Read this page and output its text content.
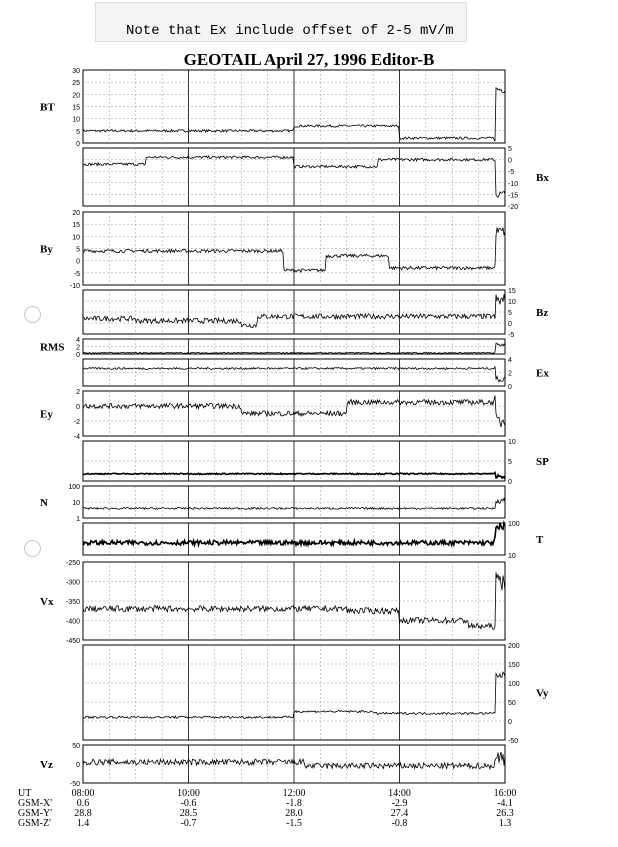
Note that Ex include offset of 2-5 mV/m
GEOTAIL April 27, 1996 Editor-B
30
25
20
15
10
5
0
BT
5
0
-5
-10
-15
-20
Bx
20
15
10
5
0
-5
-10
By
15
10
5
0
-5
Bz
4
2
0
RMS
4
2
0
Ex
2
0
-2
-4
Ey
10
5
0
SP
100
10
1
N
100
10
T
-250
-300
-350
-400
-450
Vx
200
150
100
50
0
-50
Vy
50
0
-50
Vz
UT
GSM-X'
GSM-Y'
GSM-Z'
08:00
0.6
28.8
1.4
10:00
-0.6
28.5
-0.7
12:00
-1.8
28.0
-1.5
14:00
-2.9
27.4
-0.8
16:00
-4.1
26.3
1.3
